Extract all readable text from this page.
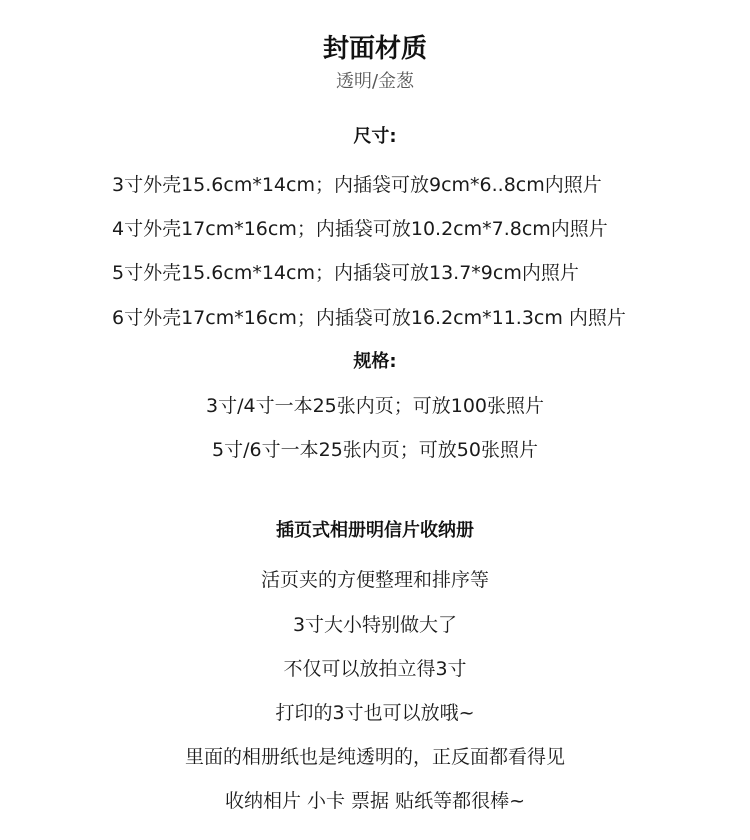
封面材质
透明/金葱
尺寸:
3寸外壳15.6cm*14cm；内插袋可放9cm*6..8cm内照片
4寸外壳17cm*16cm；内插袋可放10.2cm*7.8cm内照片
5寸外壳15.6cm*14cm；内插袋可放13.7*9cm内照片
6寸外壳17cm*16cm；内插袋可放16.2cm*11.3cm 内照片
规格:
3寸/4寸一本25张内页；可放100张照片
5寸/6寸一本25张内页；可放50张照片
插页式相册明信片收纳册
活页夹的方便整理和排序等
3寸大小特别做大了
不仅可以放拍立得3寸
打印的3寸也可以放哦~
里面的相册纸也是纯透明的，正反面都看得见
收纳相片 小卡 票据 贴纸等都很棒~
